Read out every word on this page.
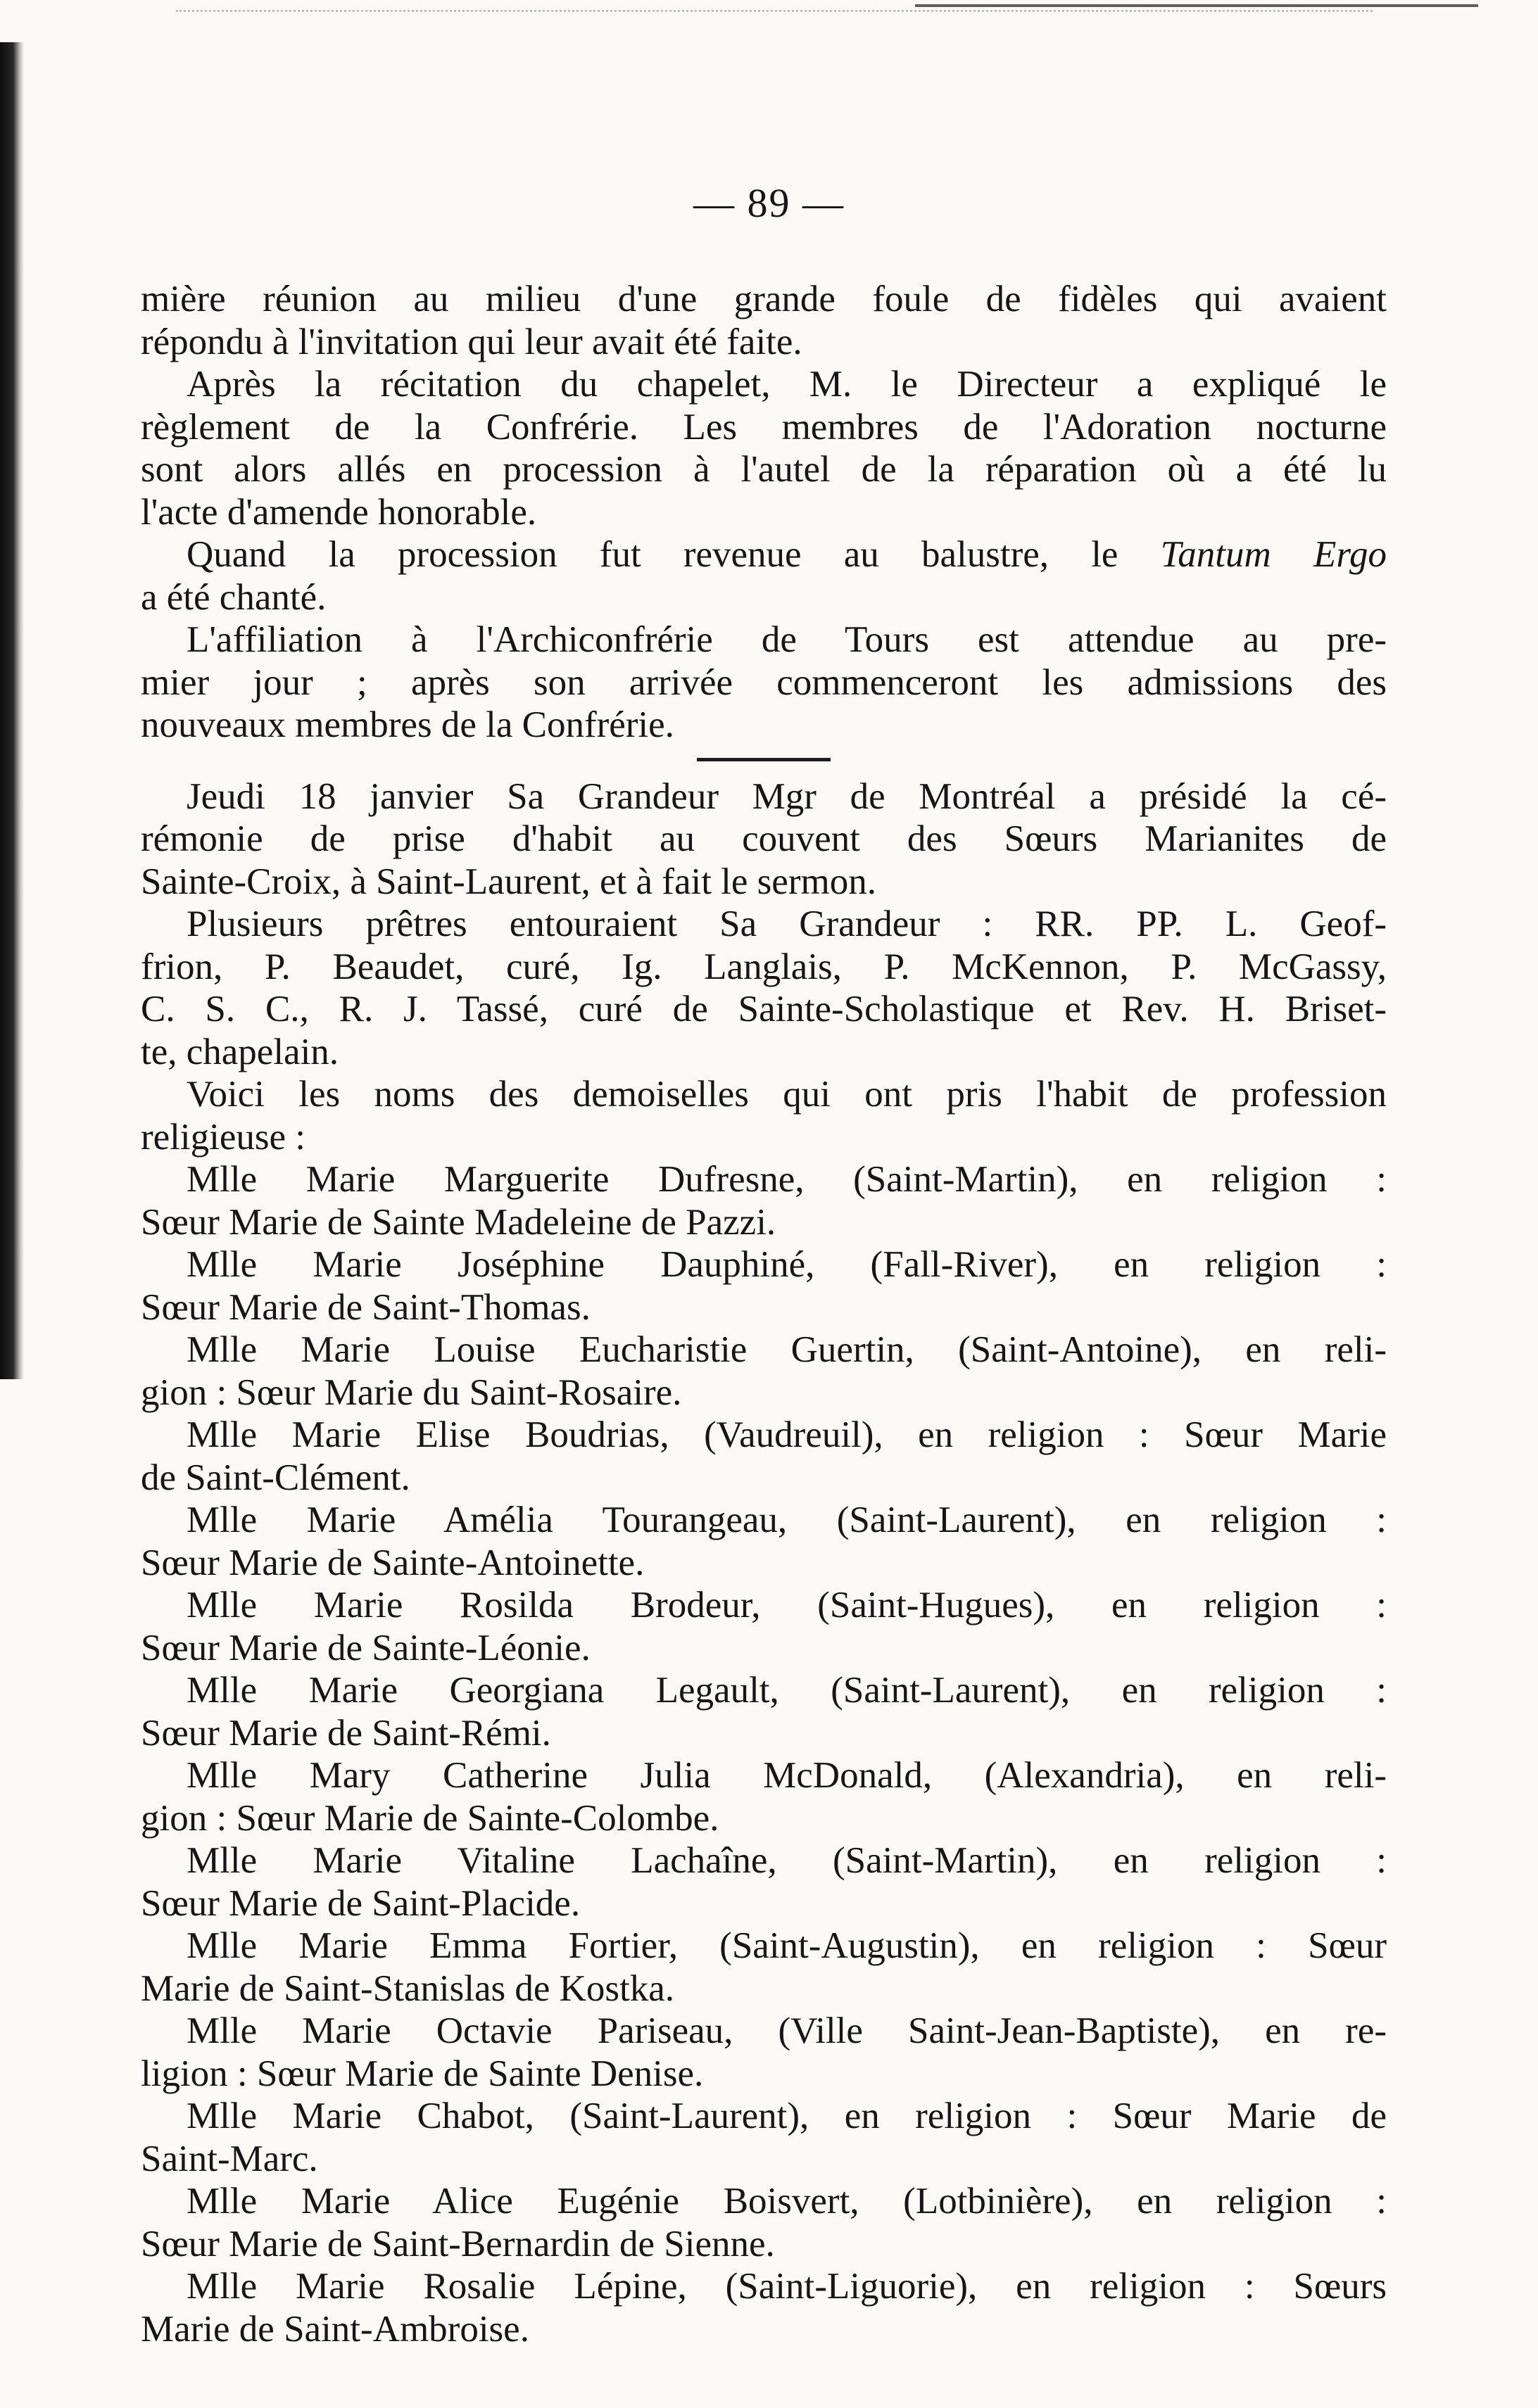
— 89 —
mière réunion au milieu d'une grande foule de fidèles qui avaient
répondu à l'invitation qui leur avait été faite.
Après la récitation du chapelet, M. le Directeur a expliqué le
règlement de la Confrérie. Les membres de l'Adoration nocturne
sont alors allés en procession à l'autel de la réparation où a été lu
l'acte d'amende honorable.
Quand la procession fut revenue au balustre, le Tantum Ergo
a été chanté.
L'affiliation à l'Archiconfrérie de Tours est attendue au pre-
mier jour ; après son arrivée commenceront les admissions des
nouveaux membres de la Confrérie.
Jeudi 18 janvier Sa Grandeur Mgr de Montréal a présidé la cé-
rémonie de prise d'habit au couvent des Sœurs Marianites de
Sainte-Croix, à Saint-Laurent, et à fait le sermon.
Plusieurs prêtres entouraient Sa Grandeur : RR. PP. L. Geof-
frion, P. Beaudet, curé, Ig. Langlais, P. McKennon, P. McGassy,
C. S. C., R. J. Tassé, curé de Sainte-Scholastique et Rev. H. Briset-
te, chapelain.
Voici les noms des demoiselles qui ont pris l'habit de profession
religieuse :
Mlle Marie Marguerite Dufresne, (Saint-Martin), en religion :
Sœur Marie de Sainte Madeleine de Pazzi.
Mlle Marie Joséphine Dauphiné, (Fall-River), en religion :
Sœur Marie de Saint-Thomas.
Mlle Marie Louise Eucharistie Guertin, (Saint-Antoine), en reli-
gion : Sœur Marie du Saint-Rosaire.
Mlle Marie Elise Boudrias, (Vaudreuil), en religion : Sœur Marie
de Saint-Clément.
Mlle Marie Amélia Tourangeau, (Saint-Laurent), en religion :
Sœur Marie de Sainte-Antoinette.
Mlle Marie Rosilda Brodeur, (Saint-Hugues), en religion :
Sœur Marie de Sainte-Léonie.
Mlle Marie Georgiana Legault, (Saint-Laurent), en religion :
Sœur Marie de Saint-Rémi.
Mlle Mary Catherine Julia McDonald, (Alexandria), en reli-
gion : Sœur Marie de Sainte-Colombe.
Mlle Marie Vitaline Lachaîne, (Saint-Martin), en religion :
Sœur Marie de Saint-Placide.
Mlle Marie Emma Fortier, (Saint-Augustin), en religion : Sœur
Marie de Saint-Stanislas de Kostka.
Mlle Marie Octavie Pariseau, (Ville Saint-Jean-Baptiste), en re-
ligion : Sœur Marie de Sainte Denise.
Mlle Marie Chabot, (Saint-Laurent), en religion : Sœur Marie de
Saint-Marc.
Mlle Marie Alice Eugénie Boisvert, (Lotbinière), en religion :
Sœur Marie de Saint-Bernardin de Sienne.
Mlle Marie Rosalie Lépine, (Saint-Liguorie), en religion : Sœurs
Marie de Saint-Ambroise.
